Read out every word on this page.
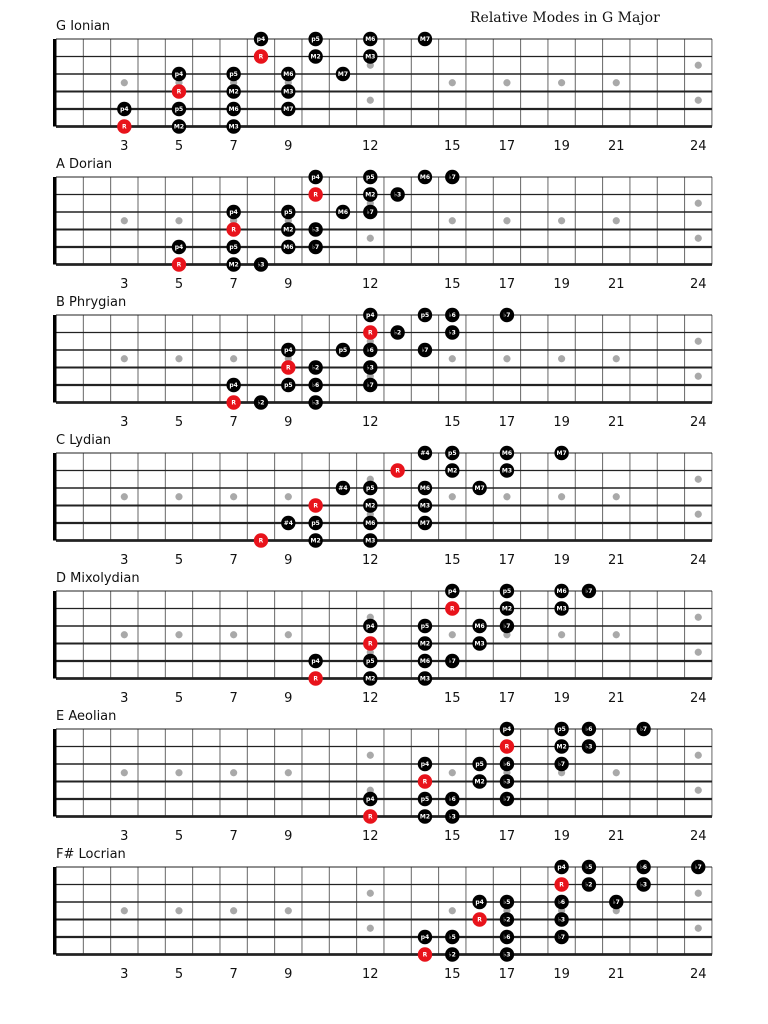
Relative Modes in G Major
G Ionian
p4	p5	M6	M7
R	M2	M3
p4	p5	M6	M7
R	M2	M3
p4	p5	M6	M7
R	M2	M3
3	5	7	9	12	15	17	19	21	24
A Dorian
p4	p5	M6	♭7
R	M2	♭3
p4	p5	M6	♭7
R	M2	♭3
p4	p5	M6	♭7
R	M2	♭3
3	5	7	9	12	15	17	19	21	24
B Phrygian
p4	p5	♭6	♭7
R	♭2	♭3
p4	p5	♭6	♭7
R	♭2	♭3
p4	p5	♭6	♭7
R	♭2	♭3
3	5	7	9	12	15	17	19	21	24
C Lydian
#4	p5	M6	M7
R	M2	M3
#4	p5	M6	M7
R	M2	M3
#4	p5	M6	M7
R	M2	M3
3	5	7	9	12	15	17	19	21	24
D Mixolydian
p4	p5	M6	♭7
R	M2	M3
p4	p5	M6	♭7
R	M2	M3
p4	p5	M6	♭7
R	M2	M3
3	5	7	9	12	15	17	19	21	24
E Aeolian
p4	p5	♭6	♭7
R	M2	♭3
p4	p5	♭6	♭7
R	M2	♭3
p4	p5	♭6	♭7
R	M2	♭3
3	5	7	9	12	15	17	19	21	24
F# Locrian
p4	♭5	♭6	♭7
R	♭2	♭3
p4	♭5	♭6	♭7
R	♭2	♭3
p4	♭5	♭6	♭7
R	♭2	♭3
3	5	7	9	12	15	17	19	21	24
